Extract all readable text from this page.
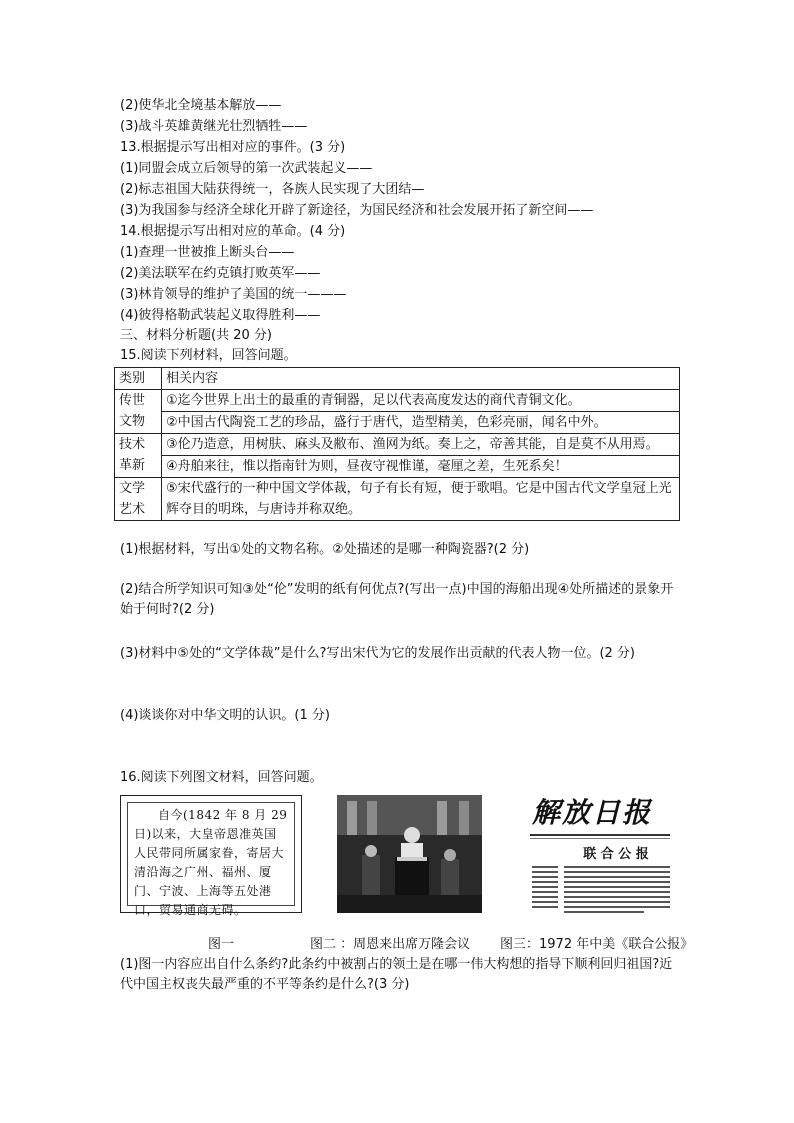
(2)使华北全境基本解放——
(3)战斗英雄黄继光壮烈牺牲——
13.根据提示写出相对应的事件。(3 分)
(1)同盟会成立后领导的第一次武装起义——
(2)标志祖国大陆获得统一，各族人民实现了大团结—
(3)为我国参与经济全球化开辟了新途径，为国民经济和社会发展开拓了新空间——
14.根据提示写出相对应的革命。(4 分)
(1)查理一世被推上断头台——
(2)美法联军在约克镇打败英军——
(3)林肯领导的维护了美国的统一———
(4)彼得格勒武装起义取得胜利——
三、材料分析题(共 20 分)
15.阅读下列材料，回答问题。
类别	相关内容
传世文物	①迄今世界上出土的最重的青铜器，足以代表高度发达的商代青铜文化。
	②中国古代陶瓷工艺的珍品，盛行于唐代，造型精美，色彩亮丽，闻名中外。
技术革新	③伦乃造意，用树肤、麻头及敝布、渔网为纸。奏上之，帝善其能，自是莫不从用焉。
	④舟舶来往，惟以指南针为则，昼夜守视惟谨，毫厘之差，生死系矣！
文学艺术	⑤宋代盛行的一种中国文学体裁，句子有长有短，便于歌唱。它是中国古代文学皇冠上光辉夺目的明珠，与唐诗并称双绝。
(1)根据材料，写出①处的文物名称。②处描述的是哪一种陶瓷器?(2 分)
(2)结合所学知识可知③处“伦”发明的纸有何优点?(写出一点)中国的海船出现④处所描述的景象开始于何时?(2 分)
(3)材料中⑤处的“文学体裁”是什么?写出宋代为它的发展作出贡献的代表人物一位。(2 分)
(4)谈谈你对中华文明的认识。(1 分)
16.阅读下列图文材料，回答问题。
自今(1842 年 8 月 29 日)以来，大皇帝恩准英国人民带同所属家眷，寄居大清沿海之广州、福州、厦门、宁波、上海等五处港口，贸易通商无碍。
解放日报
联 合 公 报
图一	图二 ：周恩来出席万隆会议 图三：1972 年中美《联合公报》
(1)图一内容应出自什么条约?此条约中被割占的领土是在哪一伟大构想的指导下顺利回归祖国?近代中国主权丧失最严重的不平等条约是什么?(3 分)
